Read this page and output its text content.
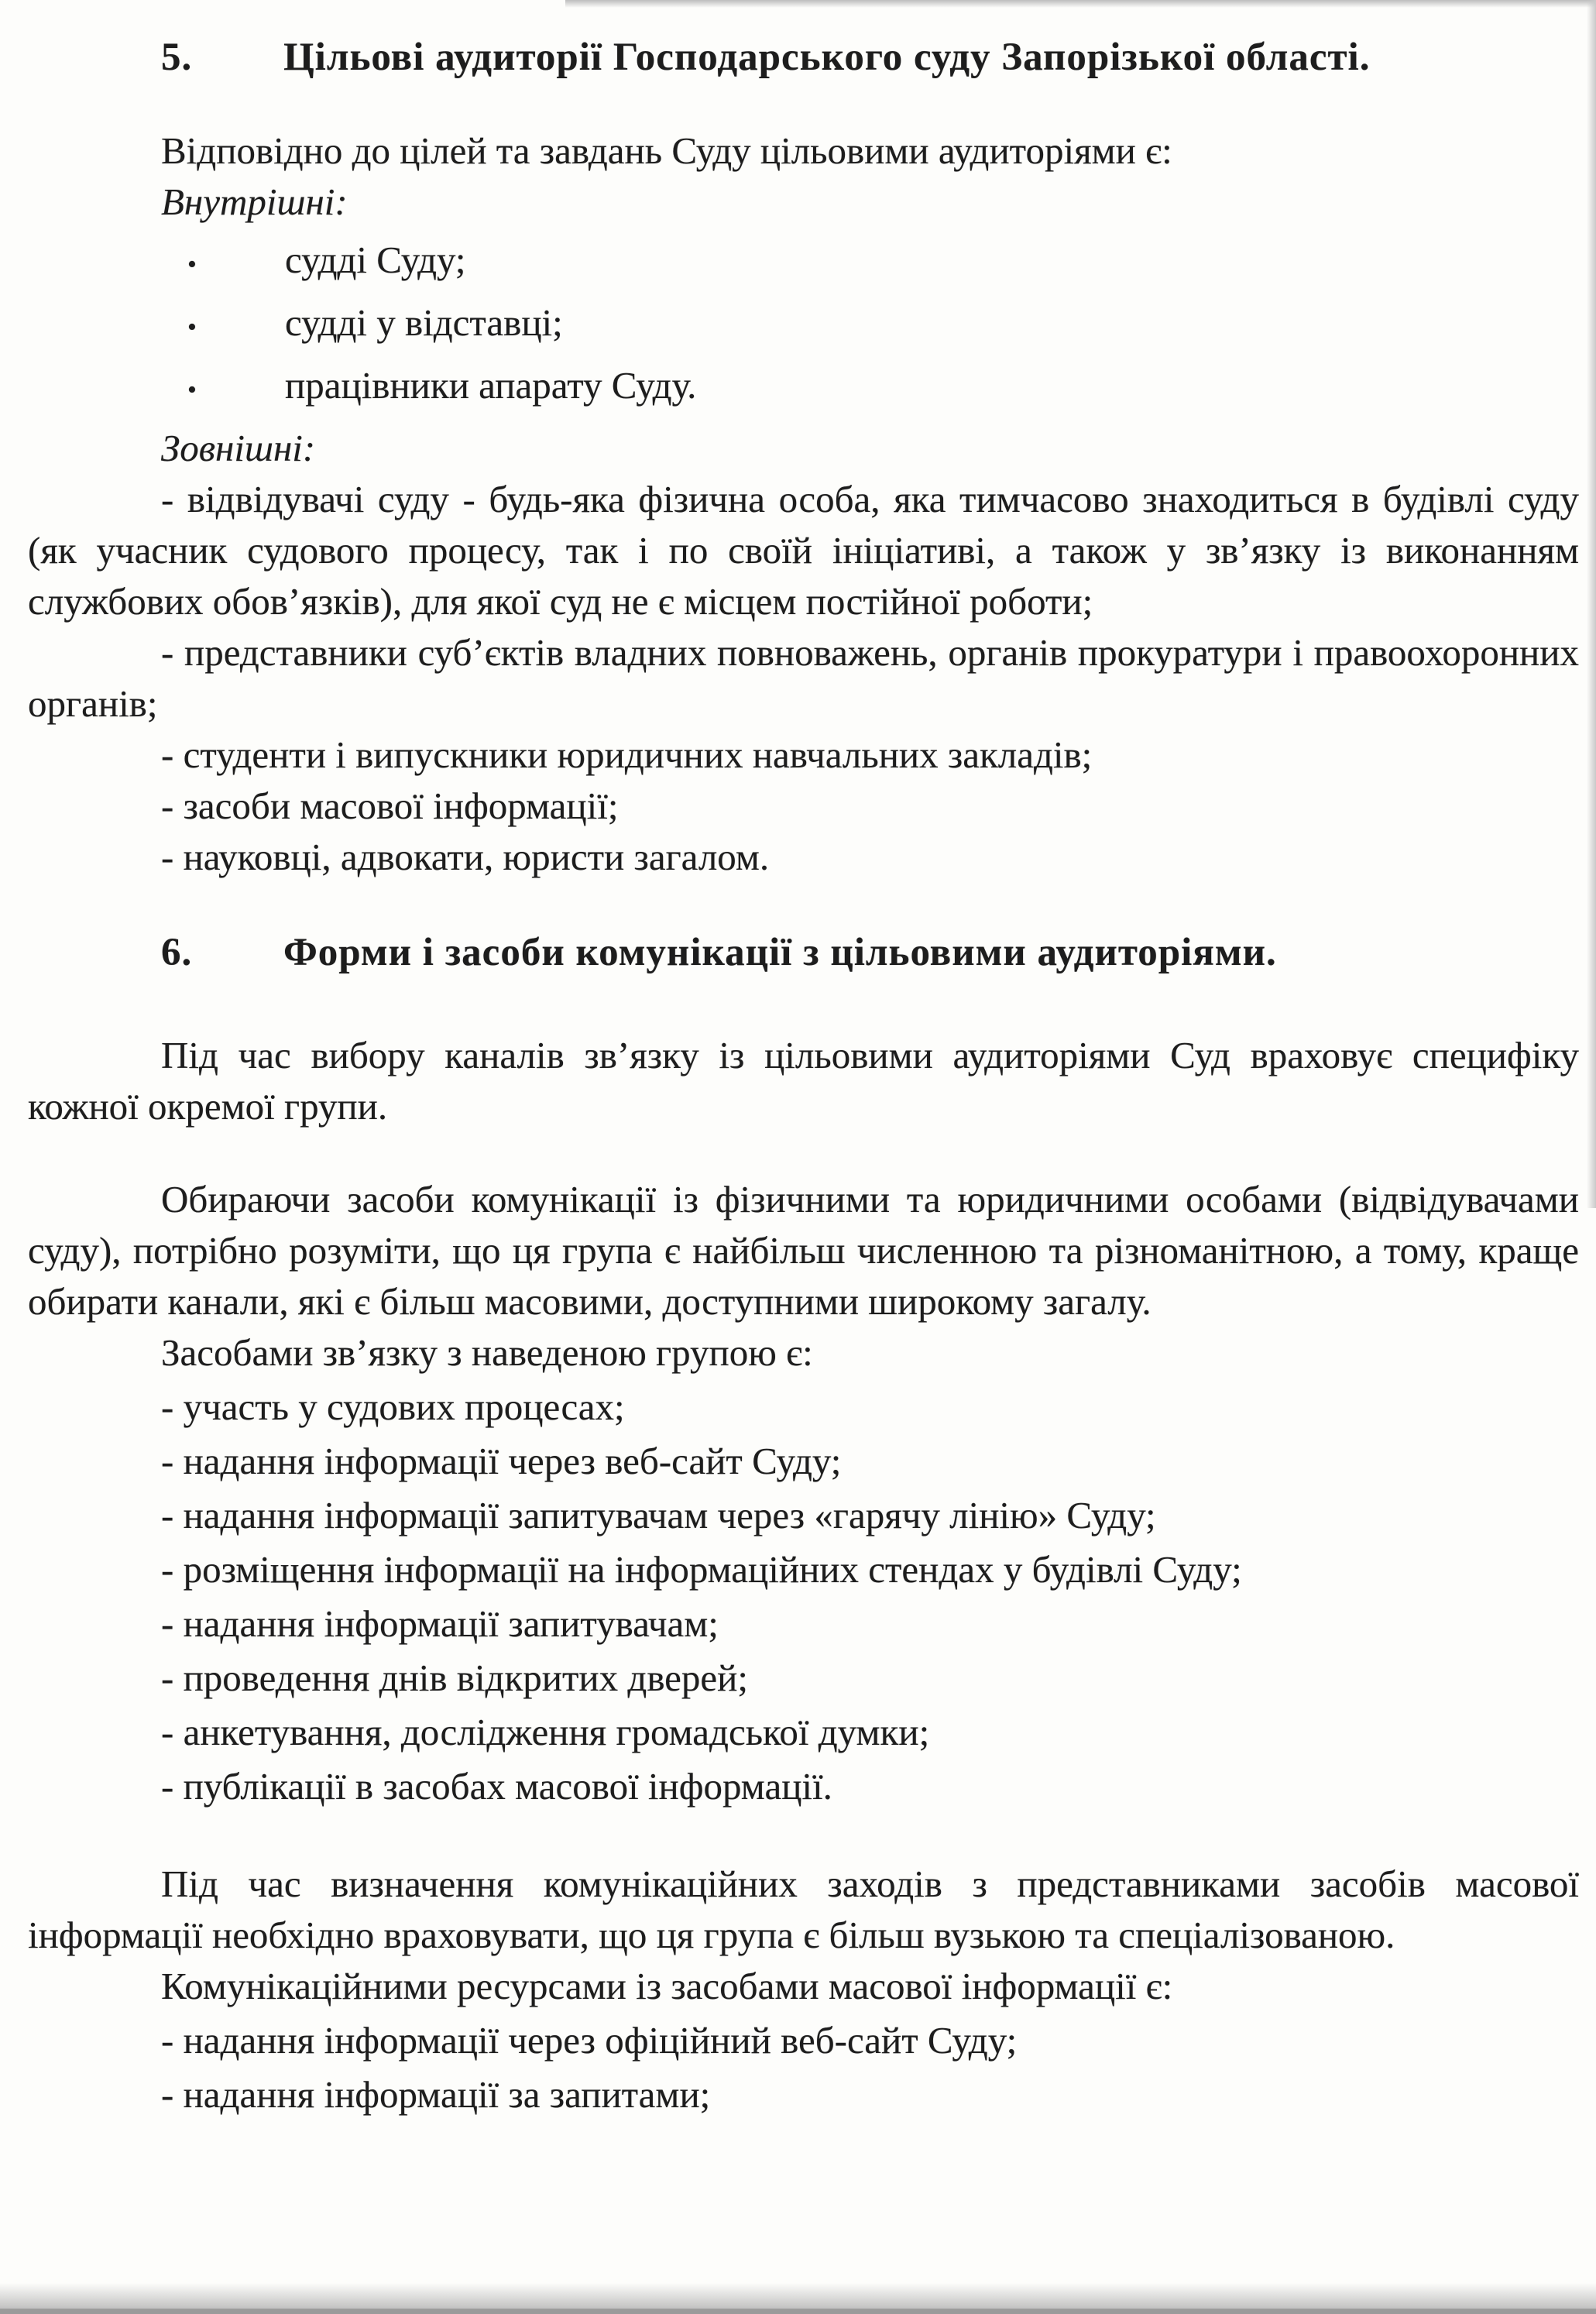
5. Цільові аудиторії Господарського суду Запорізької області.

Відповідно до цілей та завдань Суду цільовими аудиторіями є:

Внутрішні:

•	судді Суду;
•	судді у відставці;
•	працівники апарату Суду.

Зовнішні:

- відвідувачі суду - будь-яка фізична особа, яка тимчасово знаходиться в будівлі суду (як учасник судового процесу, так і по своїй ініціативі, а також у зв’язку із виконанням службових обов’язків), для якої суд не є місцем постійної роботи;

- представники суб’єктів владних повноважень, органів прокуратури і правоохоронних органів;

- студенти і випускники юридичних навчальних закладів;

- засоби масової інформації;

- науковці, адвокати, юристи загалом.

6. Форми і засоби комунікації з цільовими аудиторіями.

Під час вибору каналів зв’язку із цільовими аудиторіями Суд враховує специфіку кожної окремої групи.

Обираючи засоби комунікації із фізичними та юридичними особами (відвідувачами суду), потрібно розуміти, що ця група є найбільш численною та різноманітною, а тому, краще обирати канали, які є більш масовими, доступними широкому загалу.

Засобами зв’язку з наведеною групою є:

- участь у судових процесах;

- надання інформації через веб-сайт Суду;

- надання інформації запитувачам через «гарячу лінію» Суду;

- розміщення інформації на інформаційних стендах у будівлі Суду;

- надання інформації запитувачам;

- проведення днів відкритих дверей;

- анкетування, дослідження громадської думки;

- публікації в засобах масової інформації.

Під час визначення комунікаційних заходів з представниками засобів масової інформації необхідно враховувати, що ця група є більш вузькою та спеціалізованою.

Комунікаційними ресурсами із засобами масової інформації є:

- надання інформації через офіційний веб-сайт Суду;

- надання інформації за запитами;
